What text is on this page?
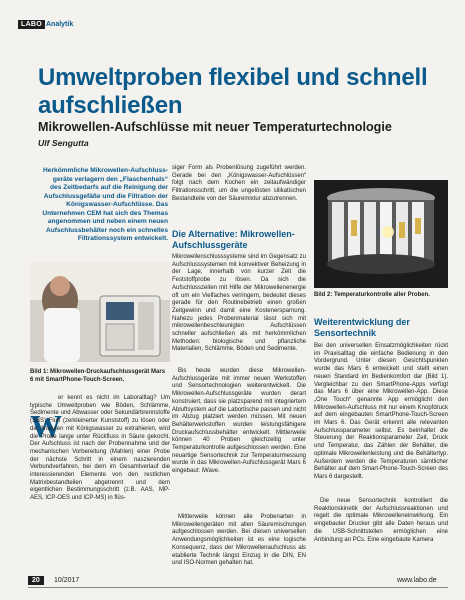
LABO Analytik
Umweltproben flexibel und schnell aufschließen
Mikrowellen-Aufschlüsse mit neuer Temperaturtechnologie
Ulf Sengutta
Herkömmliche Mikrowellen-Aufschlussgeräte verlagern den „Flaschenhals“ des Zeitbedarfs auf die Reinigung der Aufschlussgefäße und die Filtration der Königswasser-Aufschlüsse. Das Unternehmen CEM hat sich des Themas angenommen und neben einem neuen Aufschlussbehälter noch ein schnelles Filtrationssystem entwickelt.
Bild 1: Mikrowellen-Druckaufschlussgerät Mars 6 mit SmartPhone-Touch-Screen.
W
er kennt es nicht im Laboralltag? Um typische Umweltproben wie Böden, Schlämme, Sedimente und Abwasser oder Sekundärbrennstoffe (SBS) Fluff (zerkleinerter Kunststoff) zu lösen oder die Analyten mit Königswasser zu extrahieren, wird die Probe lange unter Rückfluss in Säure gekocht. Der Aufschluss ist nach der Probennahme und der mechanischen Vorbereitung (Mahlen) einer Probe der nächste Schritt in einem naszierenden Verbundverfahren, bei dem im Gesamtverlauf die interessierenden Elemente von den restlichen Matrixbestandteilen abgetrennt und dem eigentlichen Bestimmungsschritt (z.B. AAS, MP-AES, ICP-OES und ICP-MS) in flüs-
siger Form als Probenlösung zugeführt werden. Gerade bei den „Königswasser-Aufschlüssen“ folgt nach dem Kochen ein zeitaufwändiger Filtrationsschritt, um die ungelösten silikatischen Bestandteile von der Säuremixtur abzutrennen.
Die Alternative: Mikrowellen-Aufschlussgeräte
Mikrowellenschlusssysteme sind im Gegensatz zu Aufschlusssystemen mit konvektiver Beheizung in der Lage, innerhalb von kurzer Zeit die Feststoffprobe zu lösen. Da sich die Aufschlusszeiten mit Hilfe der Mikrowellenenergie oft um ein Vielfaches verringern, bedeutet dieses gerade für den Routinebetrieb einen großen Zeitgewinn und damit eine Kostenersparnung. Nahezu jedes Probenmaterial lässt sich mit mikrowellenbeschleunigten Aufschlüssen schneller aufschließen als mit herkömmlichen Methoden: biologische und pflanzliche Materialien, Schlämme, Böden und Sedimente.
Bis heute wurden diese Mikrowellen-Aufschlussgeräte mit immer neuen Werkstoffen und Sensortechnologien weiterentwickelt. Die Mikrowellen-Aufschlussgeräte wurden derart konstruiert, dass sie platzsparend mit integriertem Abluftsystem auf die Labortische passen und nicht im Abzug platziert werden müssen. Mit neuen Behälterwerkstoffen wurden leistungsfähigere Druckaufschlussbehälter entwickelt. Mittlerweile können 40 Proben gleichzeitig unter Temperaturkontrolle aufgeschlossen werden. Eine neuartige Sensortechnik zur Temperaturmessung wurde in das Mikrowellen-Aufschlussgerät Mars 6 eingebaut: iWave.
Mittlerweile können alle Probenarten in Mikrowellengeräten mit allen Säuremischungen aufgeschlossen werden. Bei diesen universellen Anwendungsmöglichkeiten ist es eine logische Konsequenz, dass der Mikrowellenaufschluss als etablierte Technik längst Einzug in die DIN, EN und ISO-Normen gehalten hat.
Bild 2: Temperaturkontrolle aller Proben.
Weiterentwicklung der Sensortechnik
Bei den universellen Einsatzmöglichkeiten rückt im Praxisalltag die einfache Bedienung in den Vordergrund. Unter diesen Gesichtspunkten wurde das Mars 6 entwickelt und stellt einen neuen Standard im Bedienkomfort dar (Bild 1). Vergleichbar zu den SmartPhone-Apps verfügt das Mars 6 über eine Mikrowellen-App. Diese „One Touch“ genannte App ermöglicht den Mikrowellen-Aufschluss mit nur einem Knopfdruck auf dem eingebauten SmartPhone-Touch-Screen im Mars 6. Das Gerät erkennt alle relevanten Aufschlussparameter selbst. Es beinhaltet die Steuerung der Reaktionsparameter Zeit, Druck und Temperatur, das Zählen der Behälter, die optimale Mikrowellenleistung und die Behältertyp. Außerdem werden die Temperaturen sämtlicher Behälter auf dem Smart-Phone-Touch-Screen des Mars 6 dargestellt.
Die neue Sensortechnik kontrolliert die Reaktionskinetik der Aufschlussreaktionen und regelt die optimale Mikrowelleneinwirkung. Ein eingebauter Drucker gibt alle Daten heraus und die USB-Schnittstellen ermöglichen eine Anbindung an PCs. Eine eingebaute Kamera
20	10/2017	www.labo.de
